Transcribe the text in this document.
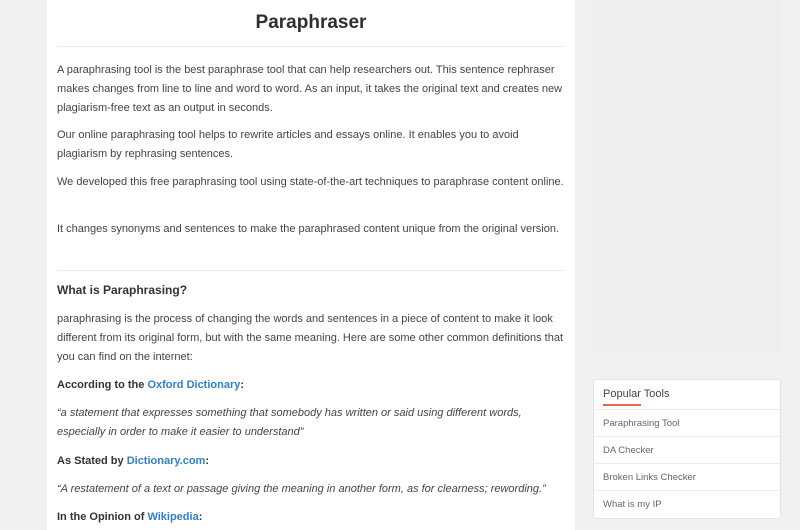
Paraphraser

A paraphrasing tool is the best paraphrase tool that can help researchers out. This sentence rephraser makes changes from line to line and word to word. As an input, it takes the original text and creates new plagiarism-free text as an output in seconds.

Our online paraphrasing tool helps to rewrite articles and essays online. It enables you to avoid plagiarism by rephrasing sentences.

We developed this free paraphrasing tool using state-of-the-art techniques to paraphrase content online.

It changes synonyms and sentences to make the paraphrased content unique from the original version.

What is Paraphrasing?

paraphrasing is the process of changing the words and sentences in a piece of content to make it look different from its original form, but with the same meaning. Here are some other common definitions that you can find on the internet:

According to the Oxford Dictionary:

“a statement that expresses something that somebody has written or said using different words, especially in order to make it easier to understand”

As Stated by Dictionary.com:

“A restatement of a text or passage giving the meaning in another form, as for clearness; rewording.”

In the Opinion of Wikipedia:

Popular Tools

Paraphrasing Tool
DA Checker
Broken Links Checker
What is my IP
